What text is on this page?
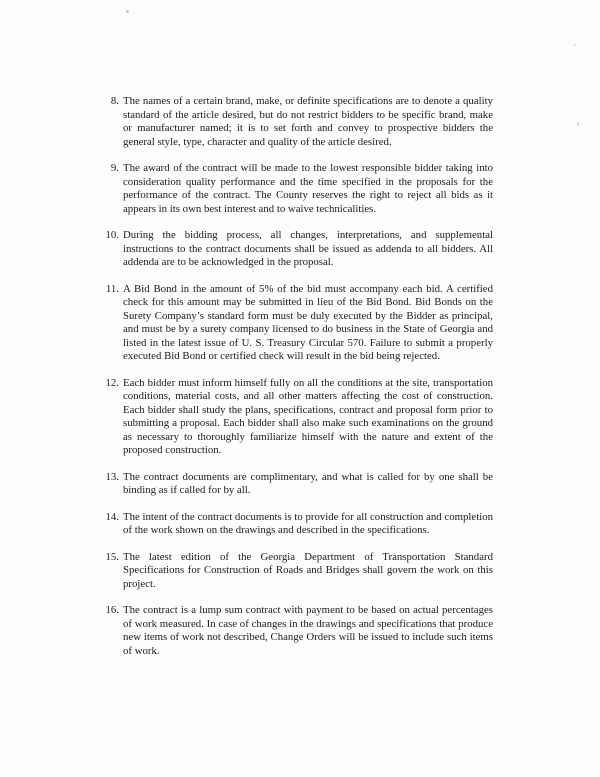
8. The names of a certain brand, make, or definite specifications are to denote a quality standard of the article desired, but do not restrict bidders to be specific brand, make or manufacturer named; it is to set forth and convey to prospective bidders the general style, type, character and quality of the article desired.

9. The award of the contract will be made to the lowest responsible bidder taking into consideration quality performance and the time specified in the proposals for the performance of the contract. The County reserves the right to reject all bids as it appears in its own best interest and to waive technicalities.

10. During the bidding process, all changes, interpretations, and supplemental instructions to the contract documents shall be issued as addenda to all bidders. All addenda are to be acknowledged in the proposal.

11. A Bid Bond in the amount of 5% of the bid must accompany each bid. A certified check for this amount may be submitted in lieu of the Bid Bond. Bid Bonds on the Surety Company’s standard form must be duly executed by the Bidder as principal, and must be by a surety company licensed to do business in the State of Georgia and listed in the latest issue of U. S. Treasury Circular 570. Failure to submit a properly executed Bid Bond or certified check will result in the bid being rejected.

12. Each bidder must inform himself fully on all the conditions at the site, transportation conditions, material costs, and all other matters affecting the cost of construction. Each bidder shall study the plans, specifications, contract and proposal form prior to submitting a proposal. Each bidder shall also make such examinations on the ground as necessary to thoroughly familiarize himself with the nature and extent of the proposed construction.

13. The contract documents are complimentary, and what is called for by one shall be binding as if called for by all.

14. The intent of the contract documents is to provide for all construction and completion of the work shown on the drawings and described in the specifications.

15. The latest edition of the Georgia Department of Transportation Standard Specifications for Construction of Roads and Bridges shall govern the work on this project.

16. The contract is a lump sum contract with payment to be based on actual percentages of work measured. In case of changes in the drawings and specifications that produce new items of work not described, Change Orders will be issued to include such items of work.
